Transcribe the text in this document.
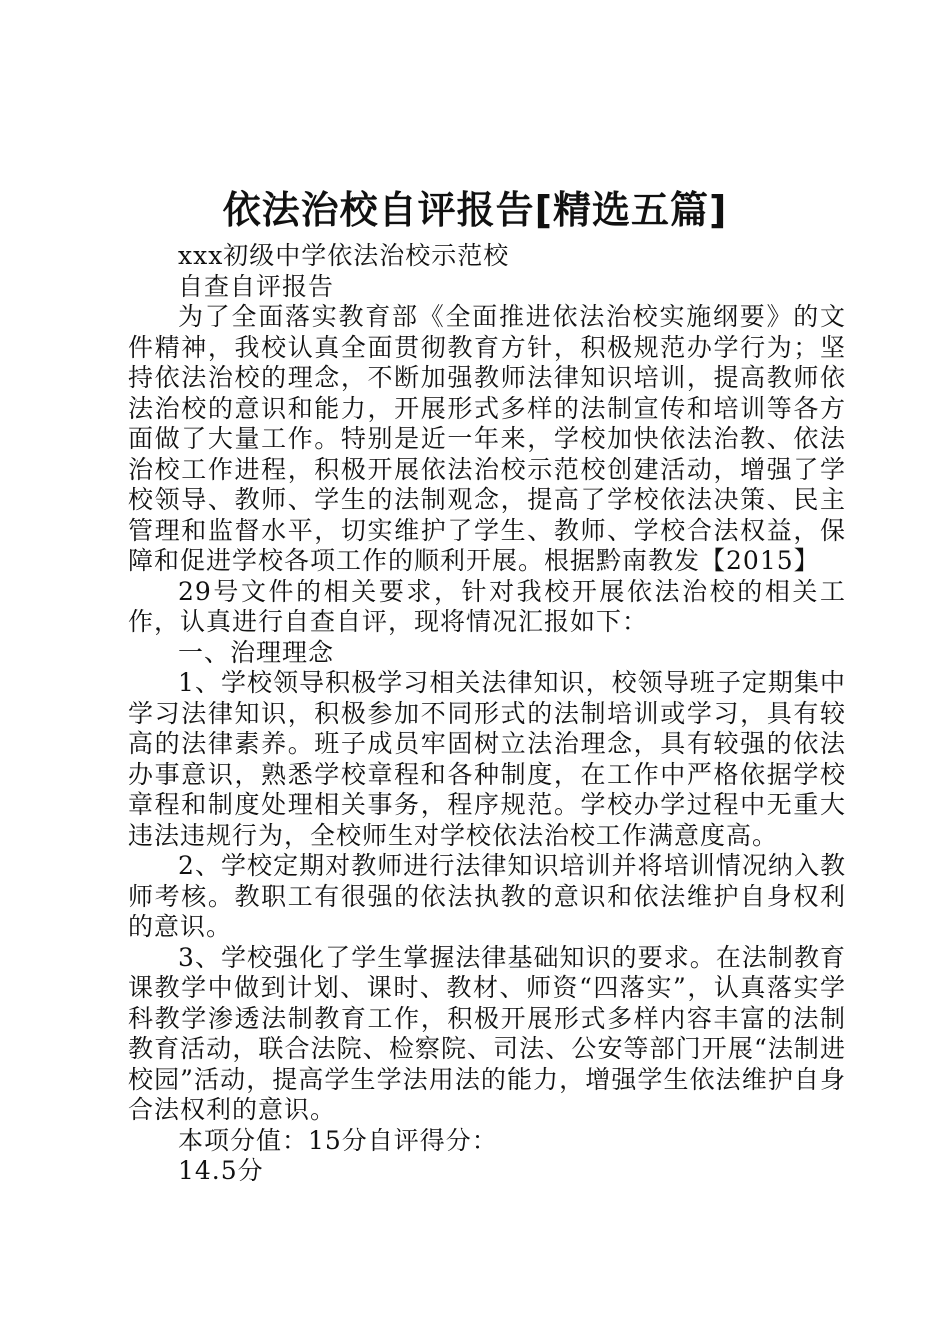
依法治校自评报告[精选五篇]

xxx初级中学依法治校示范校

自查自评报告

为了全面落实教育部《全面推进依法治校实施纲要》的文件精神，我校认真全面贯彻教育方针，积极规范办学行为；坚持依法治校的理念，不断加强教师法律知识培训，提高教师依法治校的意识和能力，开展形式多样的法制宣传和培训等各方面做了大量工作。特别是近一年来，学校加快依法治教、依法治校工作进程，积极开展依法治校示范校创建活动，增强了学校领导、教师、学生的法制观念，提高了学校依法决策、民主管理和监督水平，切实维护了学生、教师、学校合法权益，保障和促进学校各项工作的顺利开展。根据黔南教发【2015】

29号文件的相关要求，针对我校开展依法治校的相关工作，认真进行自查自评，现将情况汇报如下：

一、治理理念

1、学校领导积极学习相关法律知识，校领导班子定期集中学习法律知识，积极参加不同形式的法制培训或学习，具有较高的法律素养。班子成员牢固树立法治理念，具有较强的依法办事意识，熟悉学校章程和各种制度，在工作中严格依据学校章程和制度处理相关事务，程序规范。学校办学过程中无重大违法违规行为，全校师生对学校依法治校工作满意度高。

2、学校定期对教师进行法律知识培训并将培训情况纳入教师考核。教职工有很强的依法执教的意识和依法维护自身权利的意识。

3、学校强化了学生掌握法律基础知识的要求。在法制教育课教学中做到计划、课时、教材、师资“四落实”，认真落实学科教学渗透法制教育工作，积极开展形式多样内容丰富的法制教育活动，联合法院、检察院、司法、公安等部门开展“法制进校园”活动，提高学生学法用法的能力，增强学生依法维护自身合法权利的意识。

本项分值：15分自评得分：

14.5分
